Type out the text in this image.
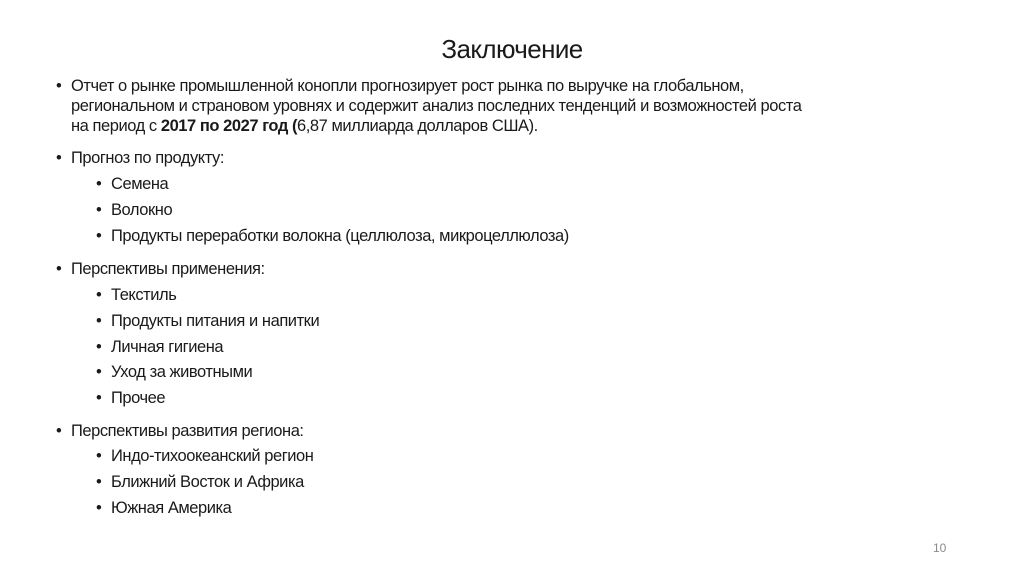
Заключение
• Отчет о рынке промышленной конопли прогнозирует рост рынка по выручке на глобальном,
региональном и страновом уровнях и содержит анализ последних тенденций и возможностей роста
на период с 2017 по 2027 год (6,87 миллиарда долларов США).
• Прогноз по продукту:
• Семена
• Волокно
• Продукты переработки волокна (целлюлоза, микроцеллюлоза)
• Перспективы применения:
• Текстиль
• Продукты питания и напитки
• Личная гигиена
• Уход за животными
• Прочее
• Перспективы развития региона:
• Индо-тихоокеанский регион
• Ближний Восток и Африка
• Южная Америка
10
